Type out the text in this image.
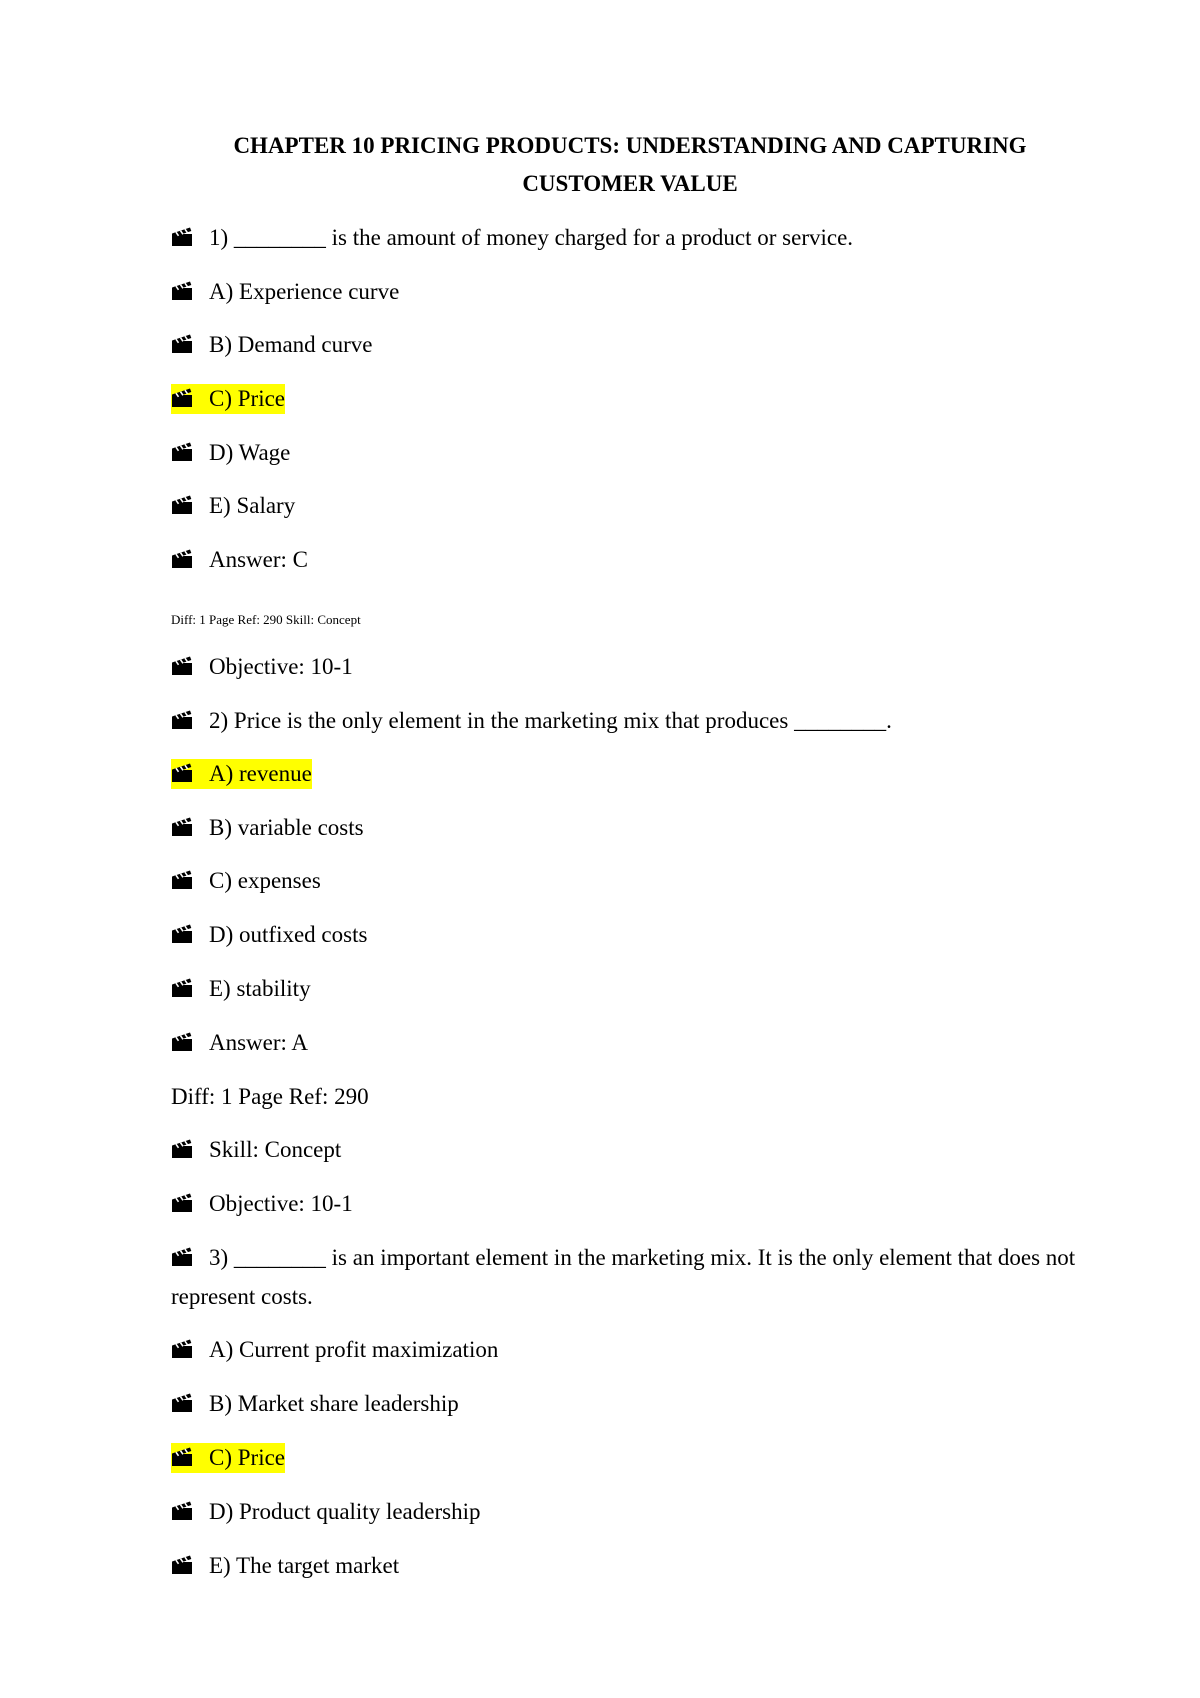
CHAPTER 10 PRICING PRODUCTS: UNDERSTANDING AND CAPTURING
CUSTOMER VALUE
1) ________ is the amount of money charged for a product or service.
A) Experience curve
B) Demand curve
C) Price
D) Wage
E) Salary
Answer: C
Diff: 1 Page Ref: 290 Skill: Concept
Objective: 10-1
2) Price is the only element in the marketing mix that produces ________.
A) revenue
B) variable costs
C) expenses
D) outfixed costs
E) stability
Answer: A
Diff: 1 Page Ref: 290
Skill: Concept
Objective: 10-1
3) ________ is an important element in the marketing mix. It is the only element that does not represent costs.
A) Current profit maximization
B) Market share leadership
C) Price
D) Product quality leadership
E) The target market
